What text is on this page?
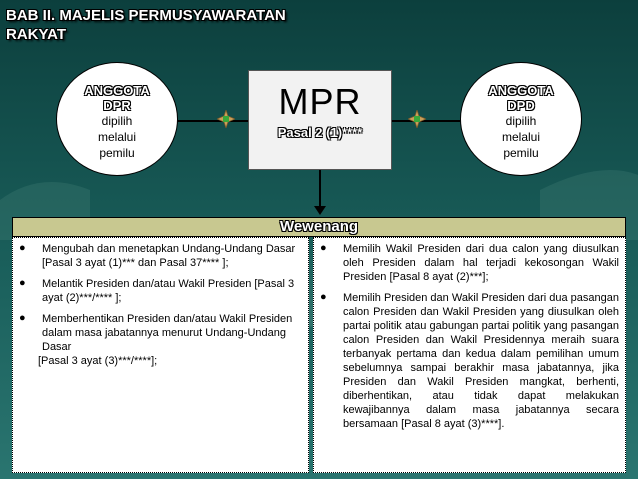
BAB II. MAJELIS PERMUSYAWARATAN
RAKYAT
ANGGOTA
DPR
dipilih
melalui
pemilu
ANGGOTA
DPD
dipilih
melalui
pemilu
MPR
Pasal 2 (1)****
Wewenang
● Mengubah dan menetapkan Undang-Undang Dasar [Pasal 3 ayat (1)*** dan Pasal 37**** ];
● Melantik Presiden dan/atau Wakil Presiden [Pasal 3 ayat (2)***/**** ];
● Memberhentikan Presiden dan/atau Wakil Presiden dalam masa jabatannya menurut Undang-Undang Dasar
[Pasal 3 ayat (3)***/****];
● Memilih Wakil Presiden dari dua calon yang diusulkan oleh Presiden dalam hal terjadi kekosongan Wakil Presiden [Pasal 8 ayat (2)***];
● Memilih Presiden dan Wakil Presiden dari dua pasangan calon Presiden dan Wakil Presiden yang diusulkan oleh partai politik atau gabungan partai politik yang pasangan calon Presiden dan Wakil Presidennya meraih suara terbanyak pertama dan kedua dalam pemilihan umum sebelumnya sampai berakhir masa jabatannya, jika Presiden dan Wakil Presiden mangkat, berhenti, diberhentikan, atau tidak dapat melakukan kewajibannya dalam masa jabatannya secara bersamaan [Pasal 8 ayat (3)****].
